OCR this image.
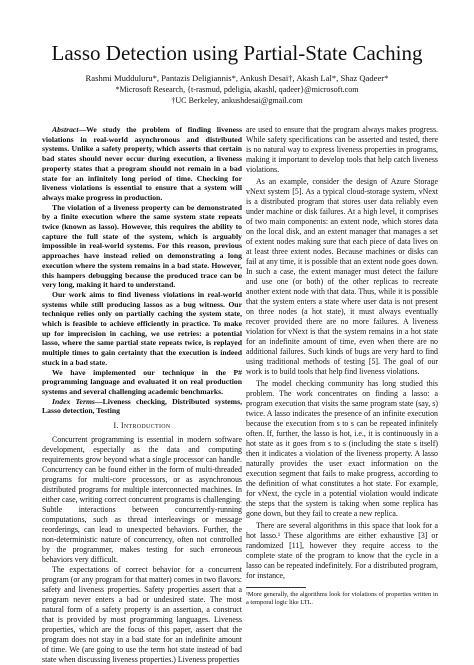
Lasso Detection using Partial-State Caching
Rashmi Mudduluru*, Pantazis Deligiannis*, Ankush Desai†, Akash Lal*, Shaz Qadeer*
*Microsoft Research, {t-rasmud, pdeligia, akashl, qadeer}@microsoft.com
†UC Berkeley, ankushdesai@gmail.com

Abstract—We study the problem of finding liveness violations in real-world asynchronous and distributed systems. Unlike a safety property, which asserts that certain bad states should never occur during execution, a liveness property states that a program should not remain in a bad state for an infinitely long period of time. Checking for liveness violations is essential to ensure that a system will always make progress in production.

The violation of a liveness property can be demonstrated by a finite execution where the same system state repeats twice (known as lasso). However, this requires the ability to capture the full state of the system, which is arguably impossible in real-world systems. For this reason, previous approaches have instead relied on demonstrating a long execution where the system remains in a bad state. However, this hampers debugging because the produced trace can be very long, making it hard to understand.

Our work aims to find liveness violations in real-world systems while still producing lassos as a bug witness. Our technique relies only on partially caching the system state, which is feasible to achieve efficiently in practice. To make up for imprecision in caching, we use retries: a potential lasso, where the same partial state repeats twice, is replayed multiple times to gain certainty that the execution is indeed stuck in a bad state.

We have implemented our technique in the P# programming language and evaluated it on real production systems and several challenging academic benchmarks.

Index Terms—Liveness checking, Distributed systems, Lasso detection, Testing

I. Introduction

Concurrent programming is essential in modern software development, especially as the data and computing requirements grow beyond what a single processor can handle. Concurrency can be found either in the form of multi-threaded programs for multi-core processors, or as asynchronous distributed programs for multiple interconnected machines. In either case, writing correct concurrent programs is challenging. Subtle interactions between concurrently-running computations, such as thread interleavings or message reorderings, can lead to unexpected behaviors. Further, the non-deterministic nature of concurrency, often not controlled by the programmer, makes testing for such erroneous behaviors very difficult.

The expectations of correct behavior for a concurrent program (or any program for that matter) comes in two flavors: safety and liveness properties. Safety properties assert that a program never enters a bad or undesired state. The most natural form of a safety property is an assertion, a construct that is provided by most programming languages. Liveness properties, which are the focus of this paper, assert that the program does not stay in a bad state for an indefinite amount of time. We (are going to use the term hot state instead of bad state when discussing liveness properties.) Liveness properties

are used to ensure that the program always makes progress. While safety specifications can be asserted and tested, there is no natural way to express liveness properties in programs, making it important to develop tools that help catch liveness violations.

As an example, consider the design of Azure Storage vNext system [5]. As a typical cloud-storage system, vNext is a distributed program that stores user data reliably even under machine or disk failures. At a high level, it comprises of two main components: an extent node, which stores data on the local disk, and an extent manager that manages a set of extent nodes making sure that each piece of data lives on at least three extent nodes. Because machines or disks can fail at any time, it is possible that an extent node goes down. In such a case, the extent manager must detect the failure and use one (or both) of the other replicas to recreate another extent node with that data. Thus, while it is possible that the system enters a state where user data is not present on three nodes (a hot state), it must always eventually recover provided there are no more failures. A liveness violation for vNext is that the system remains in a hot state for an indefinite amount of time, even when there are no additional failures. Such kinds of bugs are very hard to find using traditional methods of testing [5]. The goal of our work is to build tools that help find liveness violations.

The model checking community has long studied this problem. The work concentrates on finding a lasso: a program execution that visits the same program state (say, s) twice. A lasso indicates the presence of an infinite execution because the execution from s to s can be repeated infinitely often. If, further, the lasso is hot, i.e., it is continuously in a hot state as it goes from s to s (including the state s itself) then it indicates a violation of the liveness property. A lasso naturally provides the user exact information on the execution segment that fails to make progress, according to the definition of what constitutes a hot state. For example, for vNext, the cycle in a potential violation would indicate the steps that the system is taking when some replica has gone down, but they fail to create a new replica.

There are several algorithms in this space that look for a hot lasso.¹ These algorithms are either exhaustive [3] or randomized [11], however they require access to the complete state of the program to know that the cycle in a lasso can be repeated indefinitely. For a distributed program, for instance,

¹More generally, the algorithms look for violations of properties written in a temporal logic like LTL.
